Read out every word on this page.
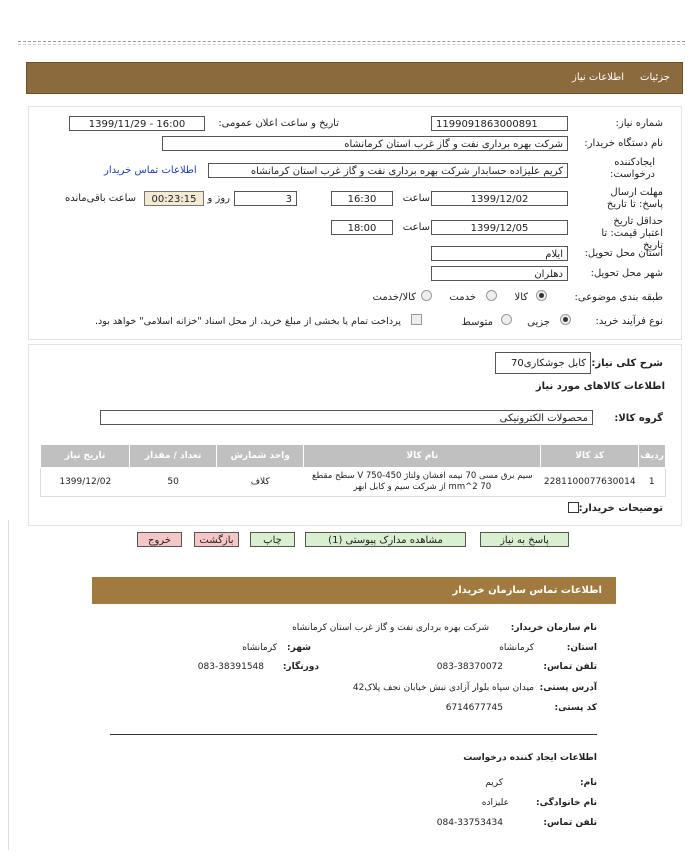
جزئیات
اطلاعات نیاز
شماره نیاز:
1199091863000891
تاریخ و ساعت اعلان عمومی:
1399/11/29 - 16:00
نام دستگاه خریدار:
شرکت بهره برداری نفت و گاز غرب استان کرمانشاه
ایجادکننده درخواست:
کریم علیزاده حسابدار شرکت بهره برداری نفت و گاز غرب استان کرمانشاه
اطلاعات تماس خریدار
مهلت ارسال پاسخ: تا تاریخ
1399/12/02
ساعت
16:30
3
روز و
00:23:15
ساعت باقی‌مانده
حداقل تاریخ اعتبار قیمت: تا تاریخ
1399/12/05
ساعت
18:00
استان محل تحویل:
ایلام
شهر محل تحویل:
دهلران
طبقه بندی موضوعی:
کالا
خدمت
کالا/خدمت
نوع فرآیند خرید:
جزیی
متوسط
پرداخت تمام یا بخشی از مبلغ خرید، از محل اسناد "خزانه اسلامی" خواهد بود.
شرح کلی نیاز:
کابل جوشکاری70
اطلاعات کالاهای مورد نیاز
گروه کالا:
محصولات الکترونیکی
ردیف	کد کالا	نام کالا	واحد شمارش	تعداد / مقدار	تاریخ نیاز
1	2281100077630014	سیم برق مسی 70 نیمه افشان ولتاژ 450-750 V سطح مقطع 70 mm^2 از شرکت سیم و کابل ابهر	کلاف	50	1399/12/02
توضیحات خریدار:
پاسخ به نیاز
مشاهده مدارک پیوستی (1)
چاپ
بازگشت
خروج
اطلاعات تماس سازمان خریدار
نام سازمان خریدار:
شرکت بهره برداری نفت و گاز غرب استان کرمانشاه
استان:
کرمانشاه
شهر:
کرمانشاه
تلفن تماس:
083-38370072
دورنگار:
083-38391548
آدرس پستی:
میدان سپاه بلوار آزادی نبش خیابان نجف پلاک42
کد پستی:
6714677745
اطلاعات ایجاد کننده درخواست
نام:
کریم
نام خانوادگی:
علیزاده
تلفن تماس:
084-33753434
